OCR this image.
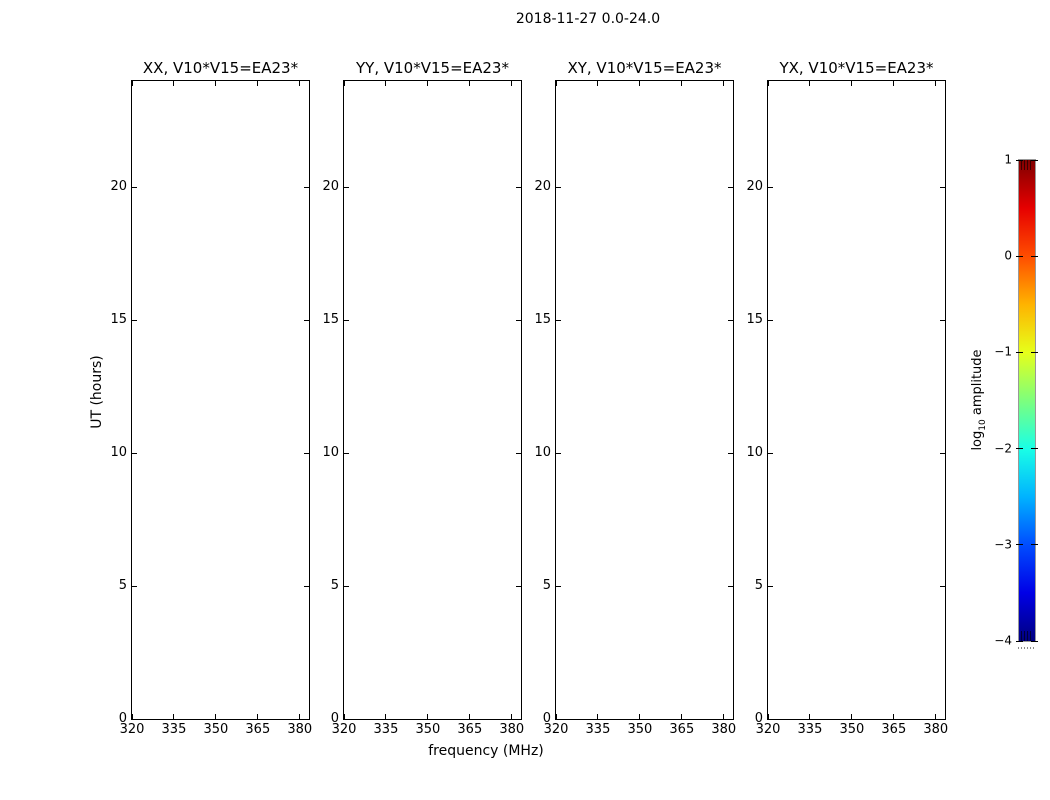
2018-11-27 0.0-24.0
UT (hours)
frequency (MHz)
XX, V10*V15=EA23*
320 335 350 365 380
0
5
10
15
20
YY, V10*V15=EA23*
320 335 350 365 380
0
5
10
15
20
XY, V10*V15=EA23*
320 335 350 365 380
0
5
10
15
20
YX, V10*V15=EA23*
320 335 350 365 380
0
5
10
15
20
1
0
−1
−2
−3
−4
$\log_{10}$ amplitude
